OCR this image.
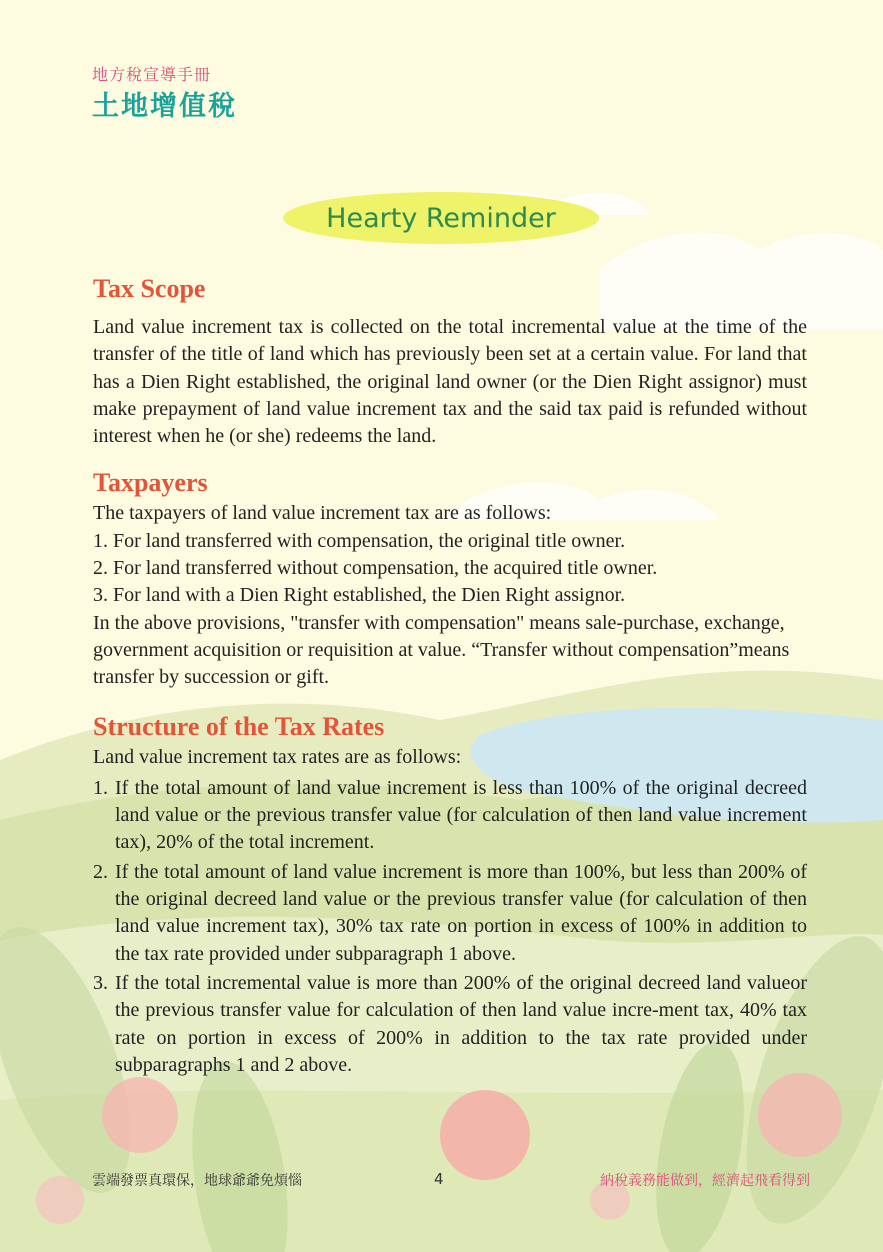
地方稅宣導手冊
土地增值稅
Hearty Reminder
Tax Scope

Land value increment tax is collected on the total incremental value at the time of the transfer of the title of land which has previously been set at a certain value. For land that has a Dien Right established, the original land owner (or the Dien Right assignor) must make prepayment of land value increment tax and the said tax paid is refunded without interest when he (or she) redeems the land.

Taxpayers

The taxpayers of land value increment tax are as follows:

1. For land transferred with compensation, the original title owner.

2. For land transferred without compensation, the acquired title owner.

3. For land with a Dien Right established, the Dien Right assignor.

In the above provisions, "transfer with compensation" means sale-purchase, exchange, government acquisition or requisition at value. “Transfer without compensation”means transfer by succession or gift.

Structure of the Tax Rates

Land value increment tax rates are as follows:

1. If the total amount of land value increment is less than 100% of the original decreed land value or the previous transfer value (for calculation of then land value increment tax), 20% of the total increment.
2. If the total amount of land value increment is more than 100%, but less than 200% of the original decreed land value or the previous transfer value (for calculation of then land value increment tax), 30% tax rate on portion in excess of 100% in addition to the tax rate provided under subparagraph 1 above.
3. If the total incremental value is more than 200% of the original decreed land valueor the previous transfer value for calculation of then land value incre-ment tax, 40% tax rate on portion in excess of 200% in addition to the tax rate provided under subparagraphs 1 and 2 above.
雲端發票真環保，地球爺爺免煩惱	4	納稅義務能做到，經濟起飛看得到
